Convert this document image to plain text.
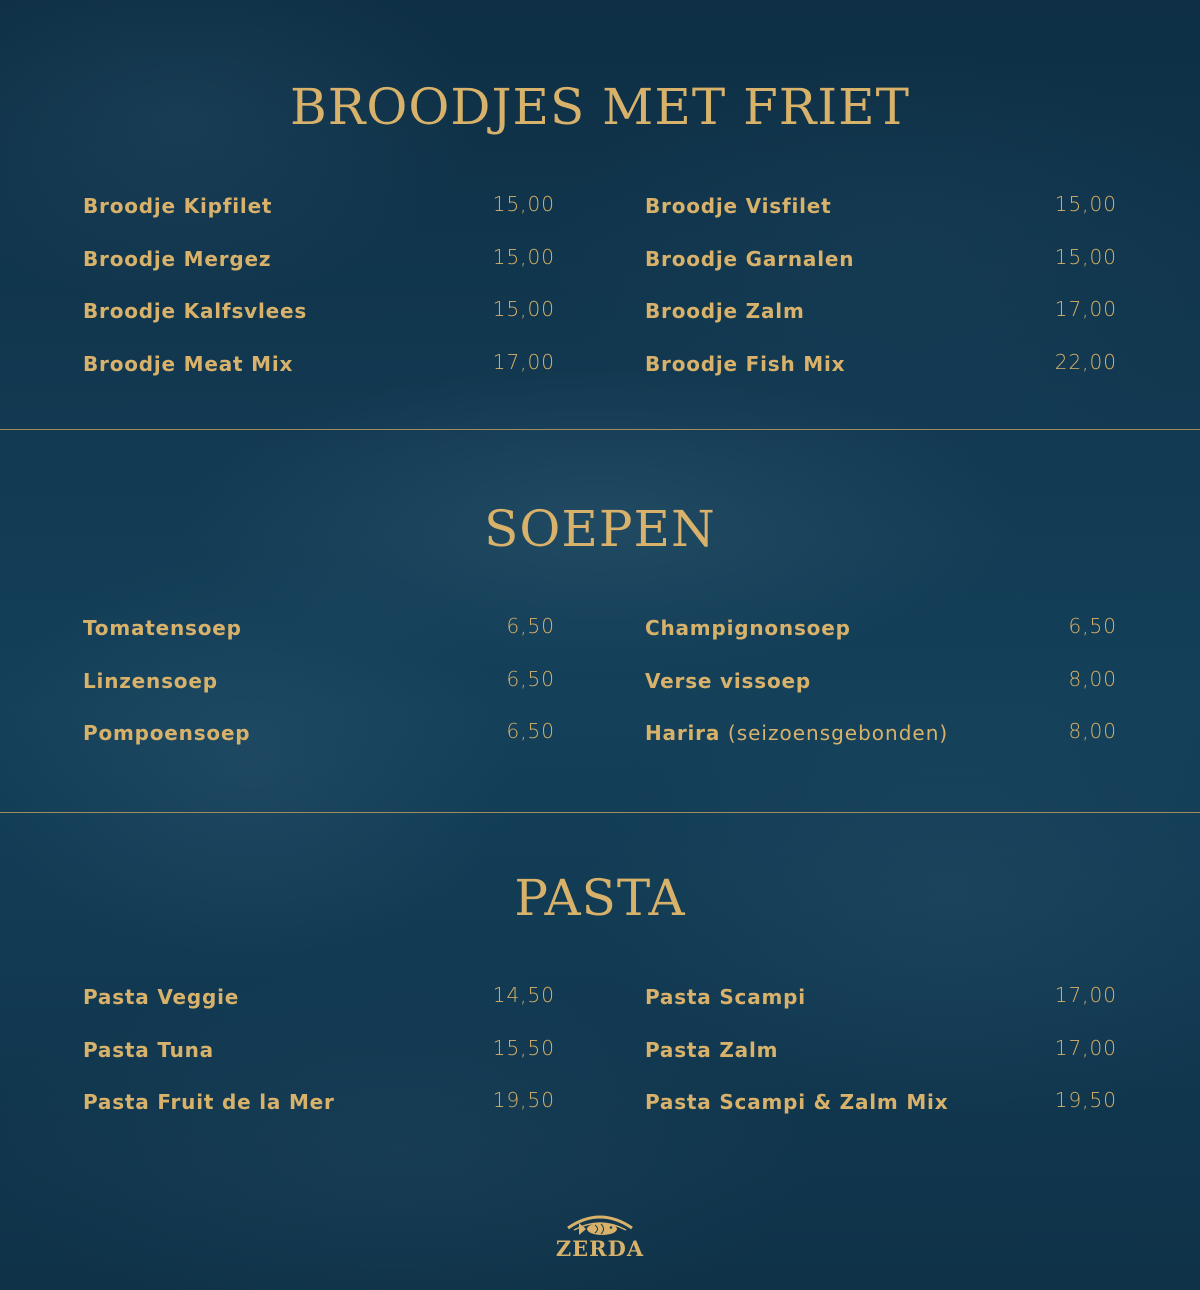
BROODJES MET FRIET
Broodje Kipfilet	15,00
Broodje Mergez	15,00
Broodje Kalfsvlees	15,00
Broodje Meat Mix	17,00
Broodje Visfilet	15,00
Broodje Garnalen	15,00
Broodje Zalm	17,00
Broodje Fish Mix	22,00
SOEPEN
Tomatensoep	6,50
Linzensoep	6,50
Pompoensoep	6,50
Champignonsoep	6,50
Verse vissoep	8,00
Harira (seizoensgebonden)	8,00
PASTA
Pasta Veggie	14,50
Pasta Tuna	15,50
Pasta Fruit de la Mer	19,50
Pasta Scampi	17,00
Pasta Zalm	17,00
Pasta Scampi & Zalm Mix	19,50
ZERDA
